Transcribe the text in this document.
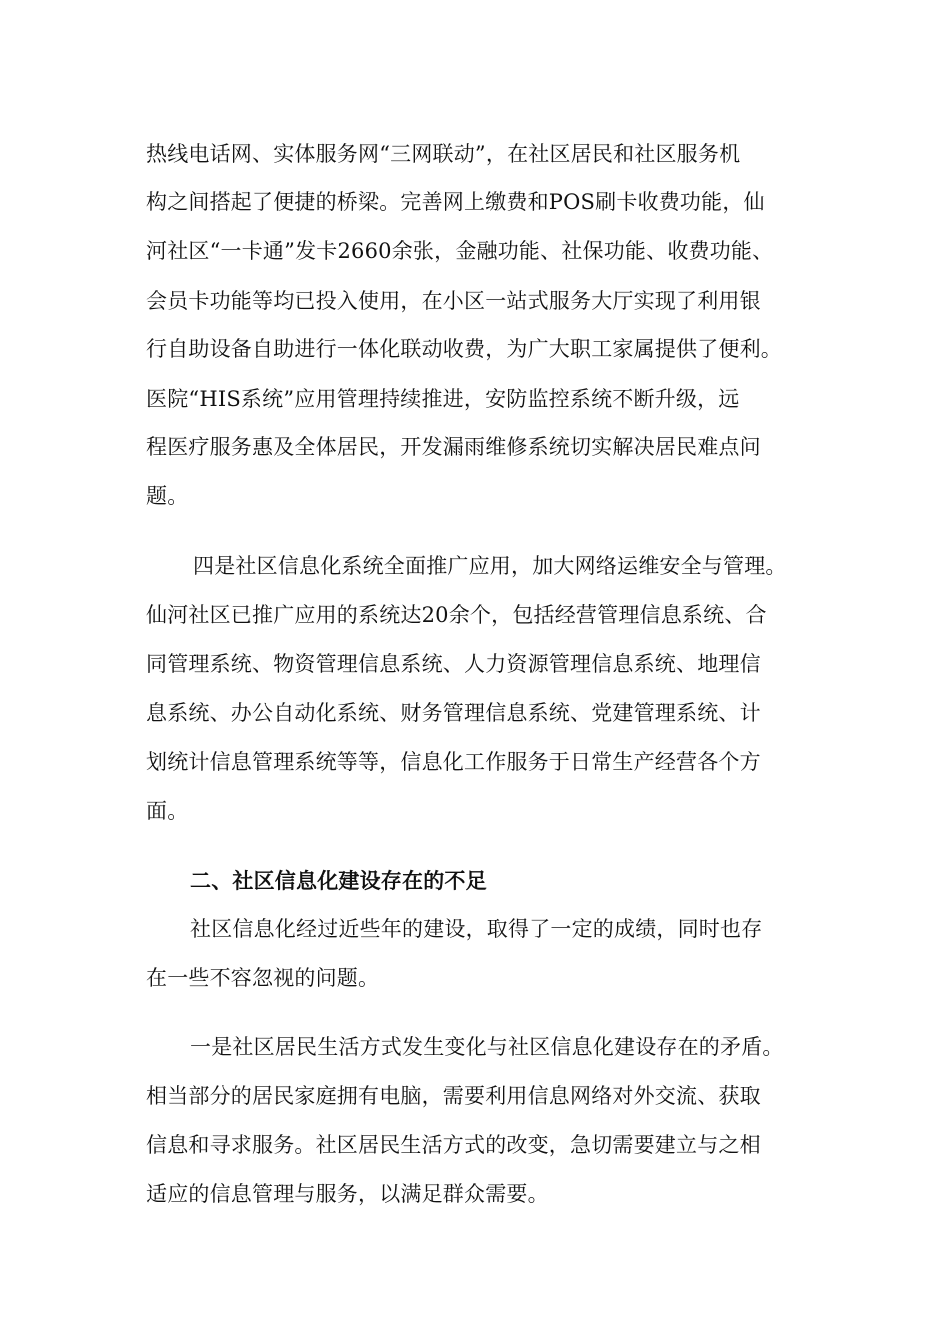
热线电话网、实体服务网“三网联动”，在社区居民和社区服务机
构之间搭起了便捷的桥梁。完善网上缴费和POS刷卡收费功能，仙
河社区“一卡通”发卡2660余张，金融功能、社保功能、收费功能、
会员卡功能等均已投入使用，在小区一站式服务大厅实现了利用银
行自助设备自助进行一体化联动收费，为广大职工家属提供了便利。
医院“HIS系统”应用管理持续推进，安防监控系统不断升级，远
程医疗服务惠及全体居民，开发漏雨维修系统切实解决居民难点问
题。
四是社区信息化系统全面推广应用，加大网络运维安全与管理。
仙河社区已推广应用的系统达20余个，包括经营管理信息系统、合
同管理系统、物资管理信息系统、人力资源管理信息系统、地理信
息系统、办公自动化系统、财务管理信息系统、党建管理系统、计
划统计信息管理系统等等，信息化工作服务于日常生产经营各个方
面。
二、社区信息化建设存在的不足
社区信息化经过近些年的建设，取得了一定的成绩，同时也存
在一些不容忽视的问题。
一是社区居民生活方式发生变化与社区信息化建设存在的矛盾。
相当部分的居民家庭拥有电脑，需要利用信息网络对外交流、获取
信息和寻求服务。社区居民生活方式的改变，急切需要建立与之相
适应的信息管理与服务，以满足群众需要。
